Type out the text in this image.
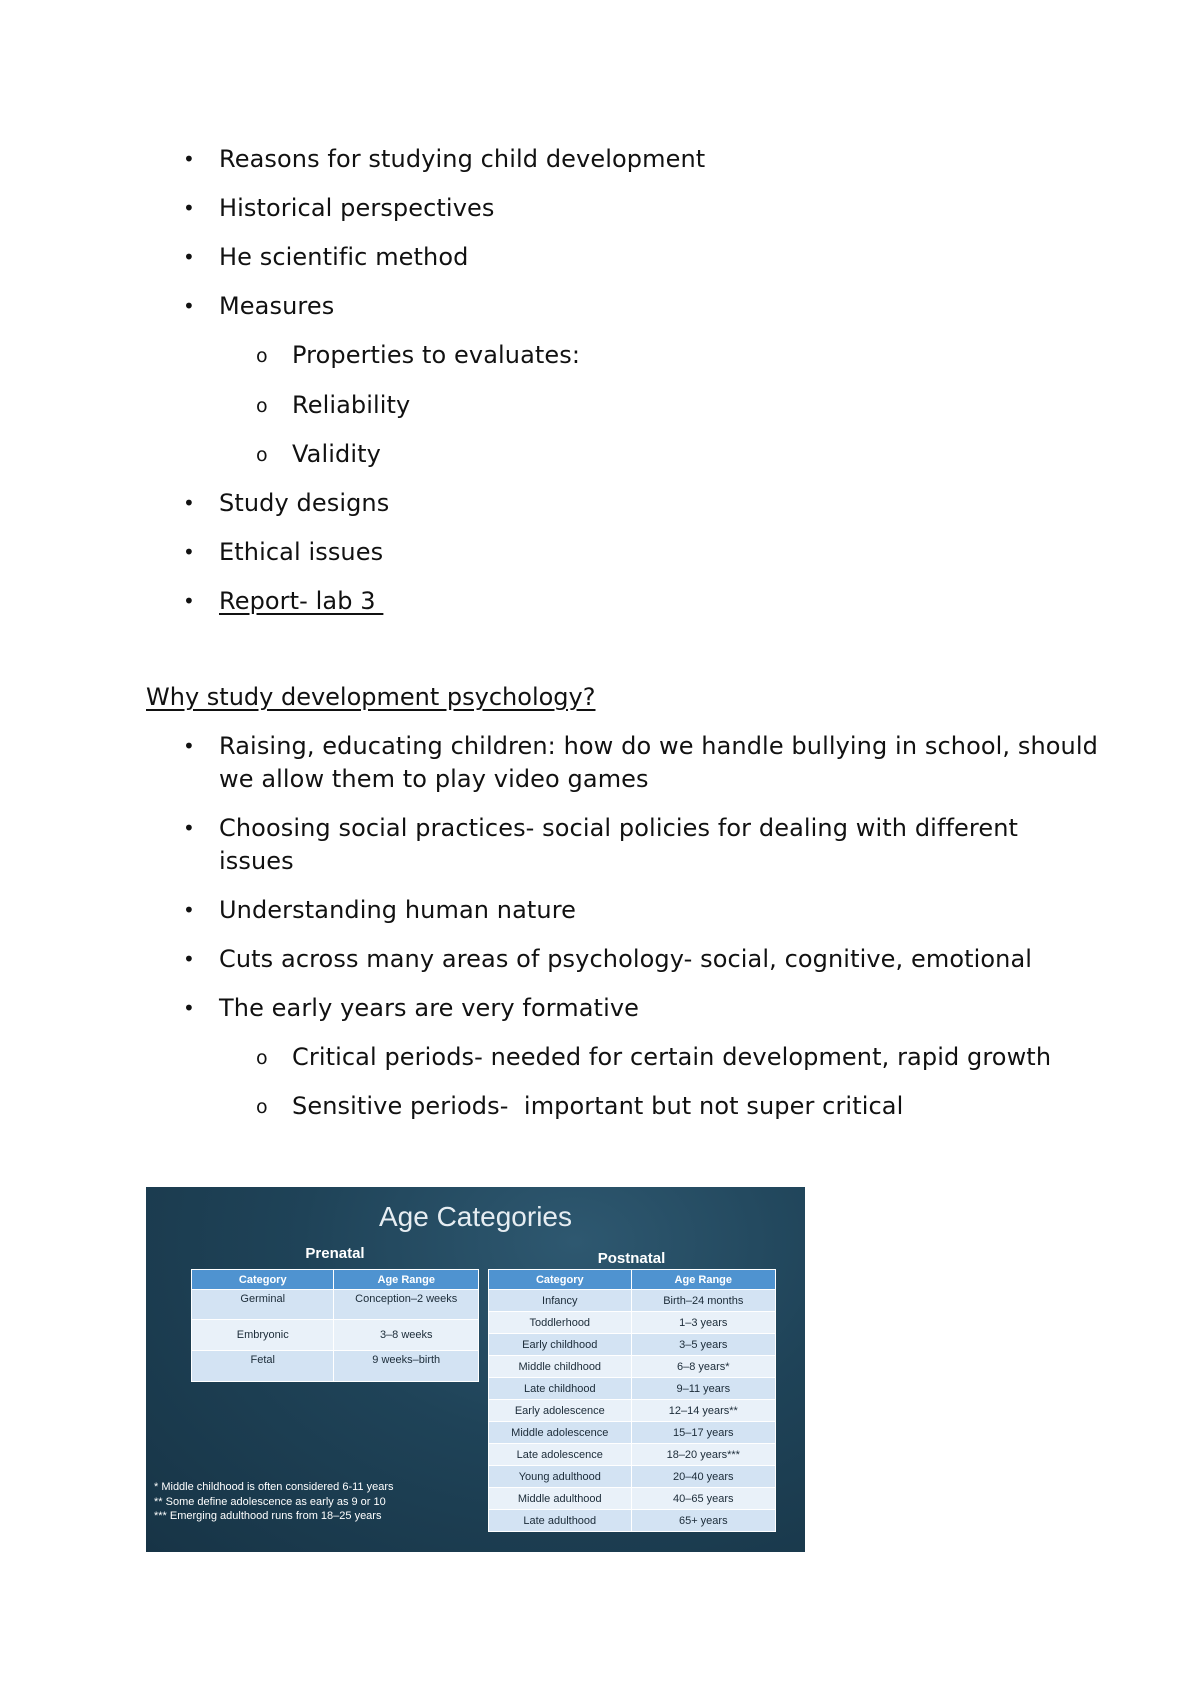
• Reasons for studying child development
• Historical perspectives
• He scientific method
• Measures
o Properties to evaluates:
o Reliability
o Validity
• Study designs
• Ethical issues
• Report- lab 3
Why study development psychology?
• Raising, educating children: how do we handle bullying in school, should we allow them to play video games
• Choosing social practices- social policies for dealing with different issues
• Understanding human nature
• Cuts across many areas of psychology- social, cognitive, emotional
• The early years are very formative
o Critical periods- needed for certain development, rapid growth
o Sensitive periods-  important but not super critical
Age Categories
Prenatal	Postnatal
Category	Age Range
Germinal	Conception–2 weeks
Embryonic	3–8 weeks
Fetal	9 weeks–birth
Category	Age Range
Infancy	Birth–24 months
Toddlerhood	1–3 years
Early childhood	3–5 years
Middle childhood	6–8 years*
Late childhood	9–11 years
Early adolescence	12–14 years**
Middle adolescence	15–17 years
Late adolescence	18–20 years***
Young adulthood	20–40 years
Middle adulthood	40–65 years
Late adulthood	65+ years
* Middle childhood is often considered 6-11 years
** Some define adolescence as early as 9 or 10
*** Emerging adulthood runs from 18–25 years
